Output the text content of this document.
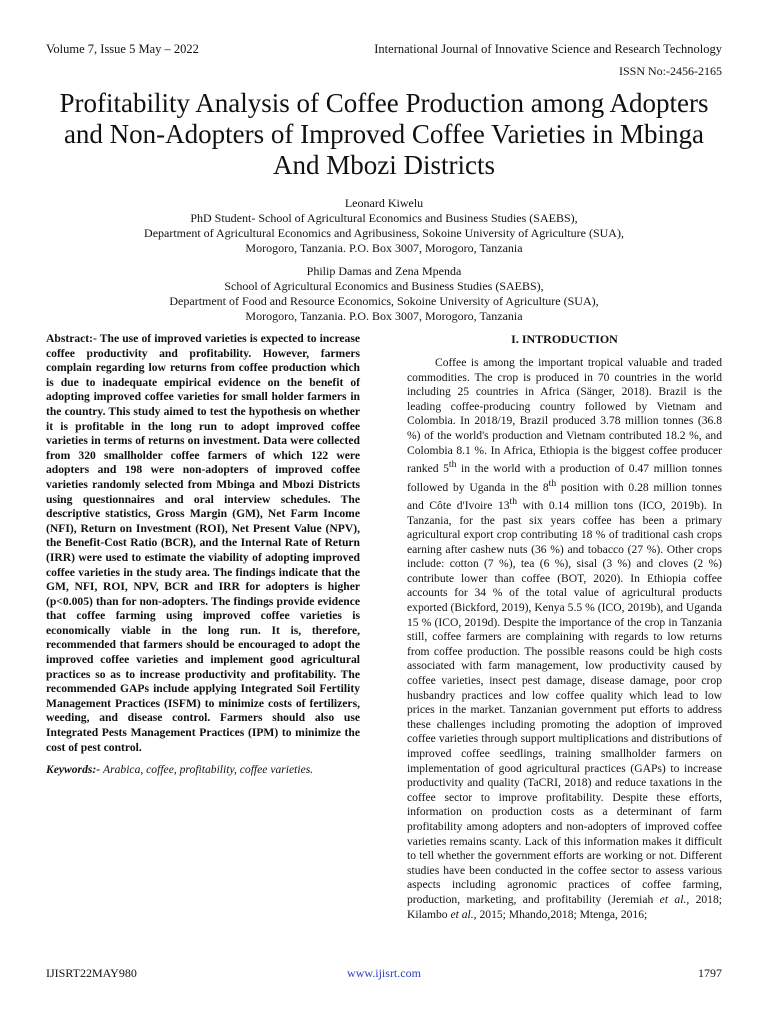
Volume 7, Issue 5 May – 2022	International Journal of Innovative Science and Research Technology
ISSN No:-2456-2165
Profitability Analysis of Coffee Production among Adopters and Non-Adopters of Improved Coffee Varieties in Mbinga And Mbozi Districts
Leonard Kiwelu
PhD Student- School of Agricultural Economics and Business Studies (SAEBS),
Department of Agricultural Economics and Agribusiness, Sokoine University of Agriculture (SUA),
Morogoro, Tanzania. P.O. Box 3007, Morogoro, Tanzania
Philip Damas and Zena Mpenda
School of Agricultural Economics and Business Studies (SAEBS),
Department of Food and Resource Economics, Sokoine University of Agriculture (SUA),
Morogoro, Tanzania. P.O. Box 3007, Morogoro, Tanzania
Abstract:- The use of improved varieties is expected to increase coffee productivity and profitability. However, farmers complain regarding low returns from coffee production which is due to inadequate empirical evidence on the benefit of adopting improved coffee varieties for small holder farmers in the country. This study aimed to test the hypothesis on whether it is profitable in the long run to adopt improved coffee varieties in terms of returns on investment. Data were collected from 320 smallholder coffee farmers of which 122 were adopters and 198 were non-adopters of improved coffee varieties randomly selected from Mbinga and Mbozi Districts using questionnaires and oral interview schedules. The descriptive statistics, Gross Margin (GM), Net Farm Income (NFI), Return on Investment (ROI), Net Present Value (NPV), the Benefit-Cost Ratio (BCR), and the Internal Rate of Return (IRR) were used to estimate the viability of adopting improved coffee varieties in the study area. The findings indicate that the GM, NFI, ROI, NPV, BCR and IRR for adopters is higher (p<0.005) than for non-adopters. The findings provide evidence that coffee farming using improved coffee varieties is economically viable in the long run. It is, therefore, recommended that farmers should be encouraged to adopt the improved coffee varieties and implement good agricultural practices so as to increase productivity and profitability. The recommended GAPs include applying Integrated Soil Fertility Management Practices (ISFM) to minimize costs of fertilizers, weeding, and disease control. Farmers should also use Integrated Pests Management Practices (IPM) to minimize the cost of pest control.
Keywords:- Arabica, coffee, profitability, coffee varieties.
I. INTRODUCTION
Coffee is among the important tropical valuable and traded commodities. The crop is produced in 70 countries in the world including 25 countries in Africa (Sänger, 2018). Brazil is the leading coffee-producing country followed by Vietnam and Colombia. In 2018/19, Brazil produced 3.78 million tonnes (36.8 %) of the world's production and Vietnam contributed 18.2 %, and Colombia 8.1 %. In Africa, Ethiopia is the biggest coffee producer ranked 5th in the world with a production of 0.47 million tonnes followed by Uganda in the 8th position with 0.28 million tonnes and Côte d'Ivoire 13th with 0.14 million tons (ICO, 2019b). In Tanzania, for the past six years coffee has been a primary agricultural export crop contributing 18 % of traditional cash crops earning after cashew nuts (36 %) and tobacco (27 %). Other crops include: cotton (7 %), tea (6 %), sisal (3 %) and cloves (2 %) contribute lower than coffee (BOT, 2020). In Ethiopia coffee accounts for 34 % of the total value of agricultural products exported (Bickford, 2019), Kenya 5.5 % (ICO, 2019b), and Uganda 15 % (ICO, 2019d). Despite the importance of the crop in Tanzania still, coffee farmers are complaining with regards to low returns from coffee production. The possible reasons could be high costs associated with farm management, low productivity caused by coffee varieties, insect pest damage, disease damage, poor crop husbandry practices and low coffee quality which lead to low prices in the market. Tanzanian government put efforts to address these challenges including promoting the adoption of improved coffee varieties through support multiplications and distributions of improved coffee seedlings, training smallholder farmers on implementation of good agricultural practices (GAPs) to increase productivity and quality (TaCRI, 2018) and reduce taxations in the coffee sector to improve profitability. Despite these efforts, information on production costs as a determinant of farm profitability among adopters and non-adopters of improved coffee varieties remains scanty. Lack of this information makes it difficult to tell whether the government efforts are working or not. Different studies have been conducted in the coffee sector to assess various aspects including agronomic practices of coffee farming, production, marketing, and profitability (Jeremiah et al., 2018; Kilambo et al., 2015; Mhando,2018; Mtenga, 2016;
IJISRT22MAY980	www.ijisrt.com	1797
